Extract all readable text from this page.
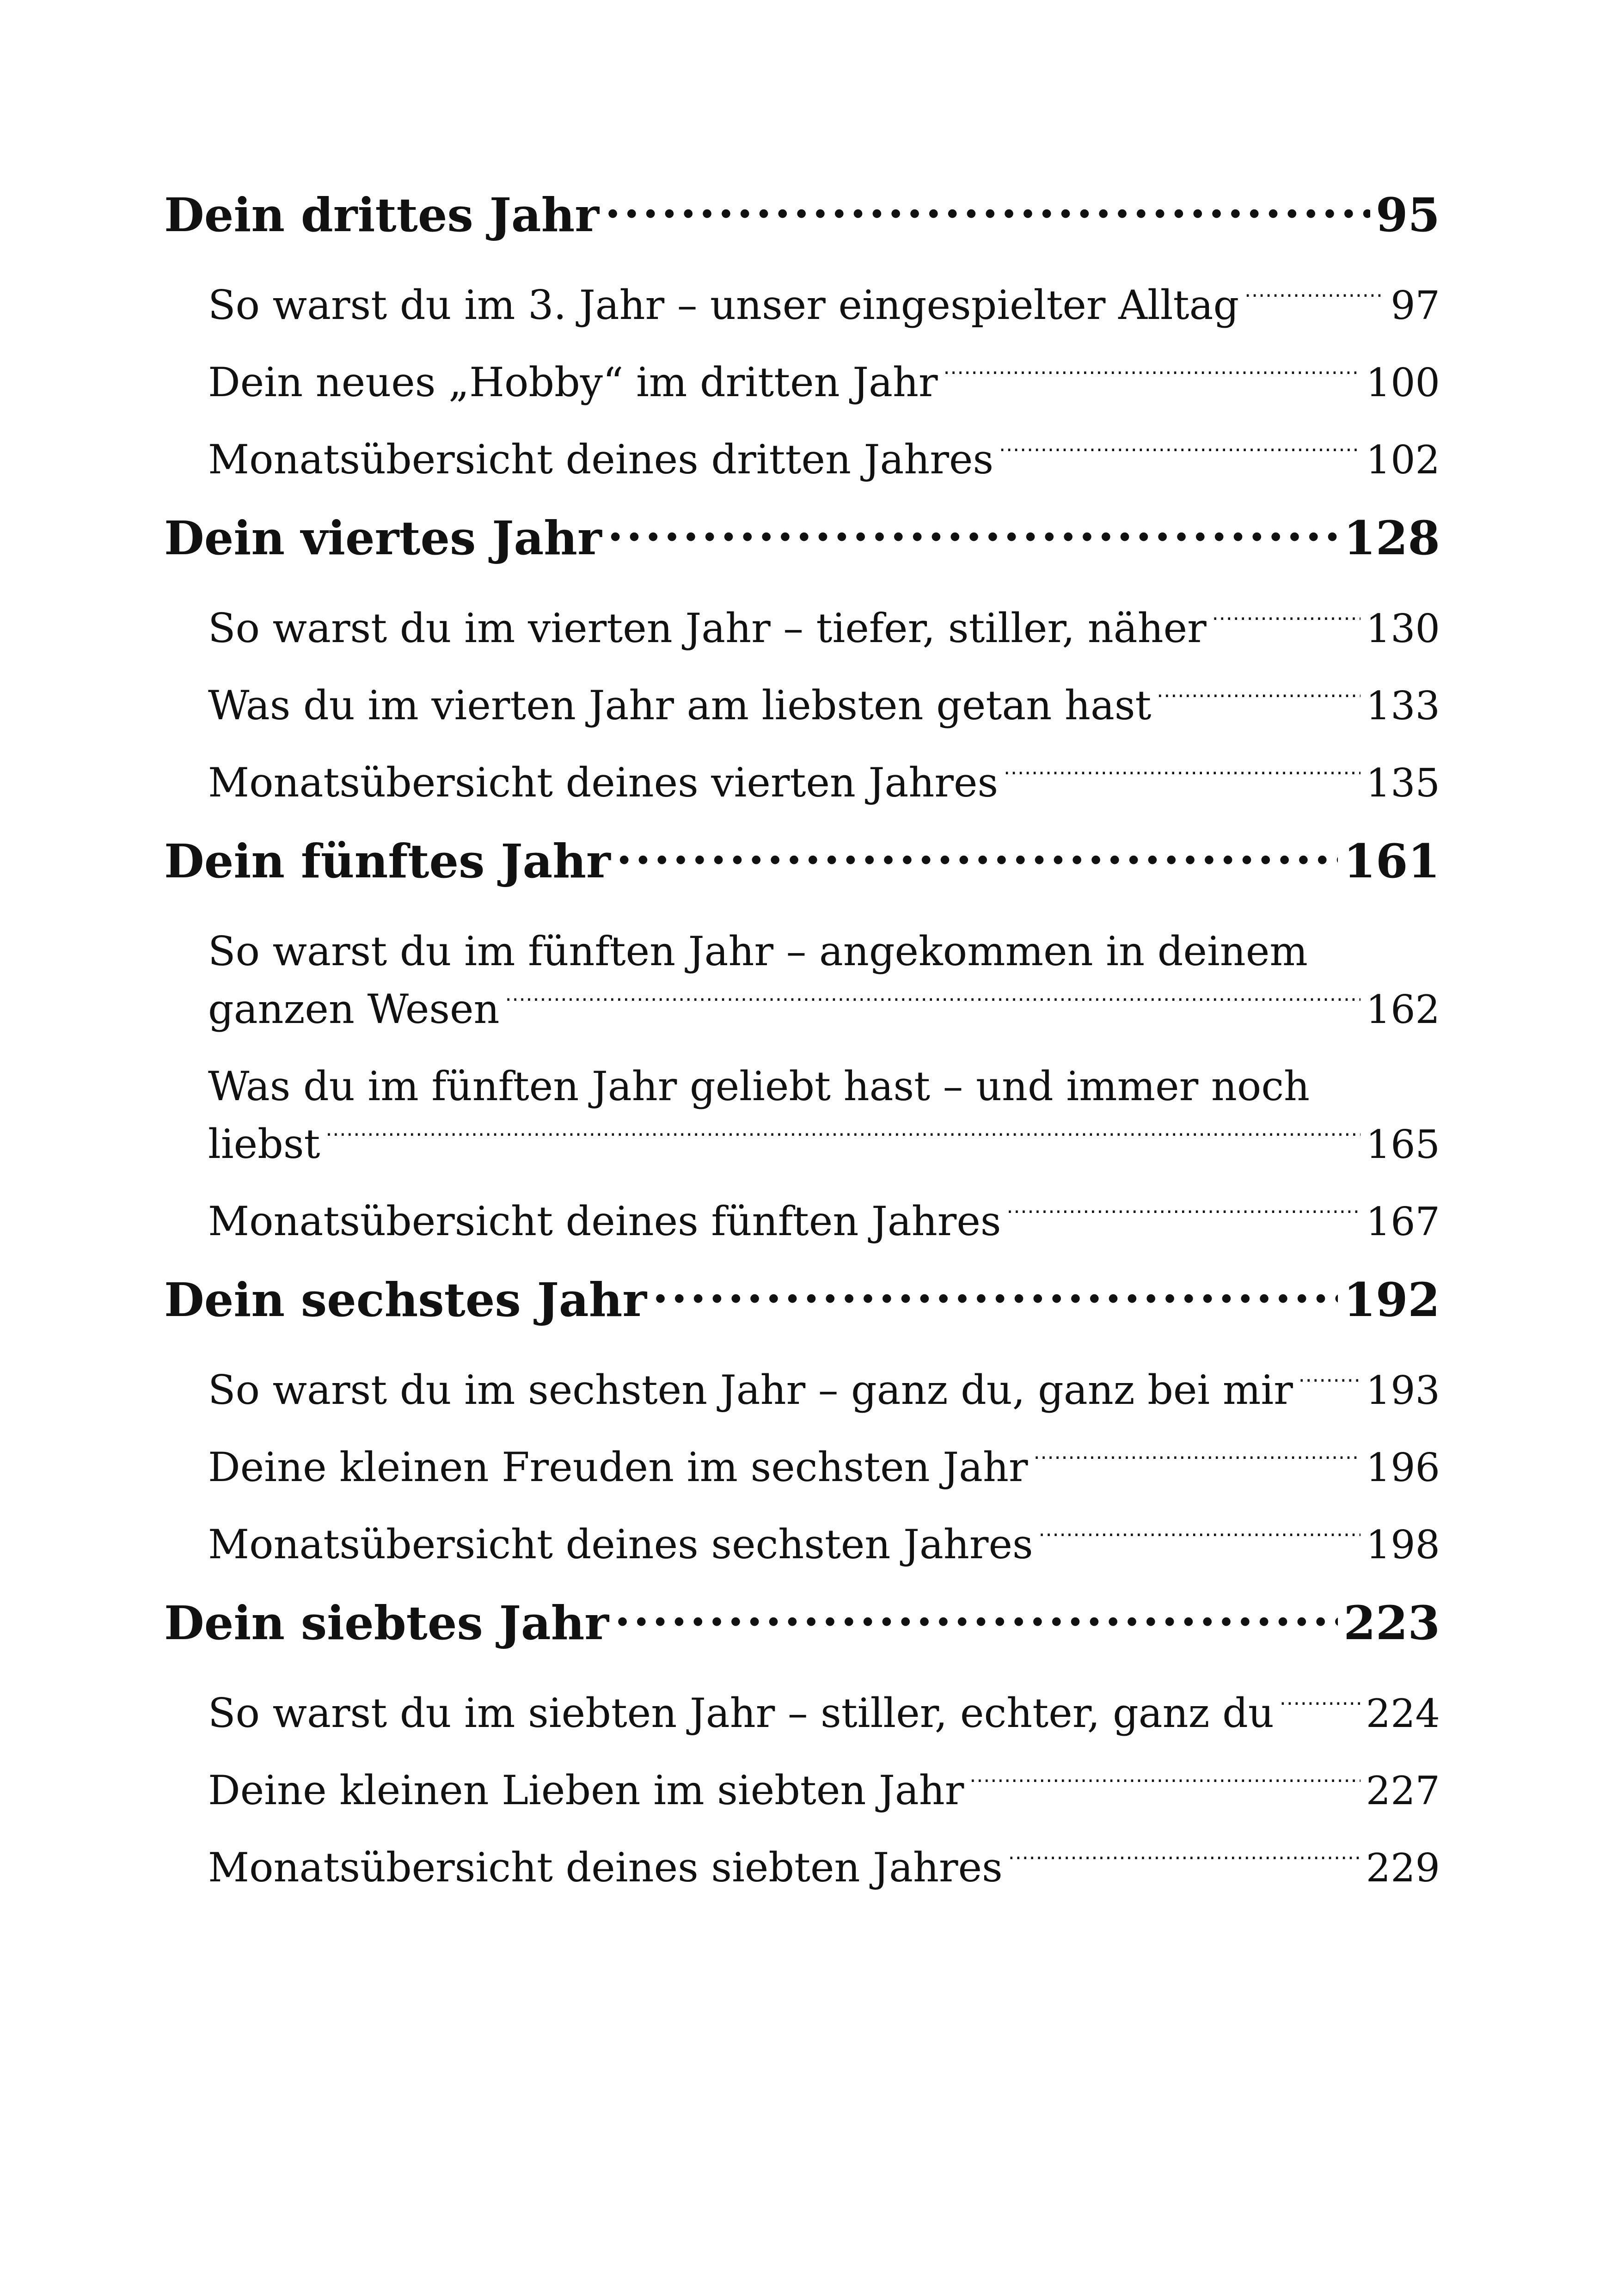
Dein drittes Jahr .....	95
So warst du im 3. Jahr – unser eingespielter Alltag .....	97
Dein neues „Hobby“ im dritten Jahr .....	100
Monatsübersicht deines dritten Jahres .....	102
Dein viertes Jahr .....	128
So warst du im vierten Jahr – tiefer, stiller, näher .....	130
Was du im vierten Jahr am liebsten getan hast .....	133
Monatsübersicht deines vierten Jahres .....	135
Dein fünftes Jahr .....	161
So warst du im fünften Jahr – angekommen in deinem
ganzen Wesen .....	162
Was du im fünften Jahr geliebt hast – und immer noch
liebst .....	165
Monatsübersicht deines fünften Jahres .....	167
Dein sechstes Jahr .....	192
So warst du im sechsten Jahr – ganz du, ganz bei mir ..... 193
Deine kleinen Freuden im sechsten Jahr .....	196
Monatsübersicht deines sechsten Jahres .....	198
Dein siebtes Jahr .....	223
So warst du im siebten Jahr – stiller, echter, ganz du ..... 224
Deine kleinen Lieben im siebten Jahr .....	227
Monatsübersicht deines siebten Jahres .....	229
